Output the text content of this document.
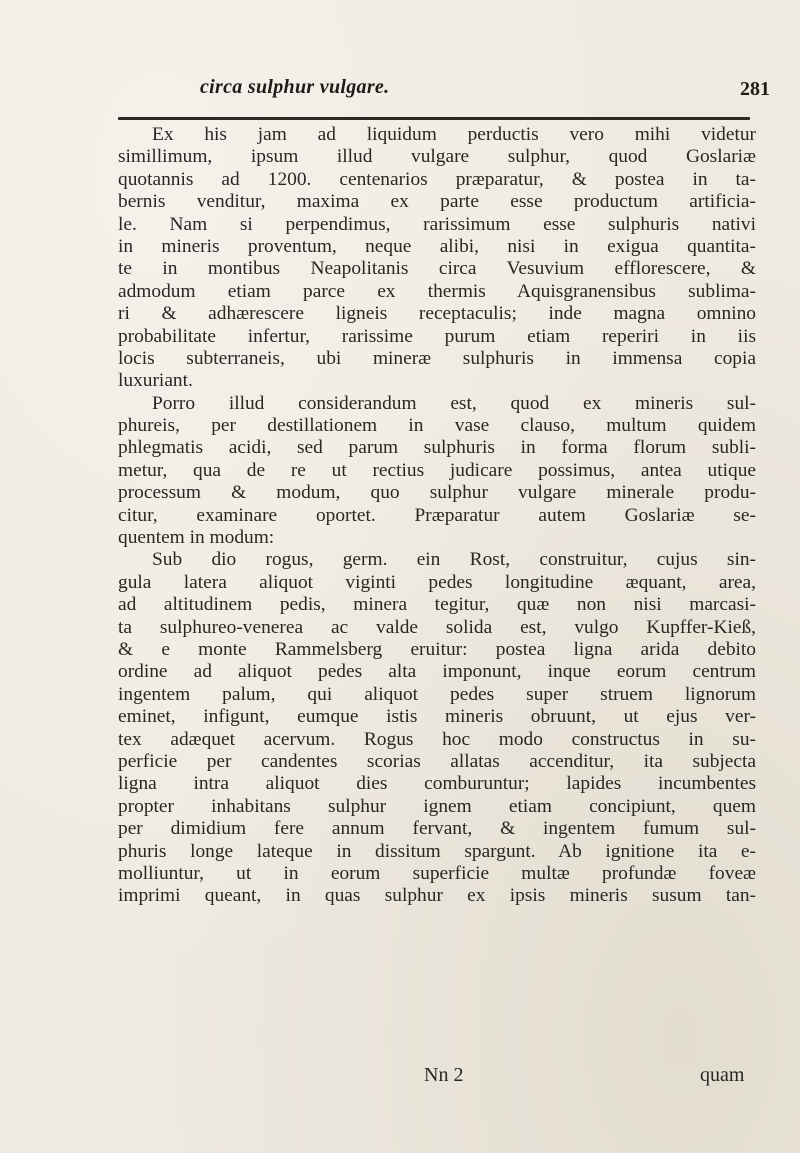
circa sulphur vulgare.	281
Ex his jam ad liquidum perductis vero mihi videtur
simillimum, ipsum illud vulgare sulphur, quod Goslariæ
quotannis ad 1200. centenarios præparatur, & postea in ta-
bernis venditur, maxima ex parte esse productum artificia-
le. Nam si perpendimus, rarissimum esse sulphuris nativi
in mineris proventum, neque alibi, nisi in exigua quantita-
te in montibus Neapolitanis circa Vesuvium efflorescere, &
admodum etiam parce ex thermis Aquisgranensibus sublima-
ri & adhærescere ligneis receptaculis; inde magna omnino
probabilitate infertur, rarissime purum etiam reperiri in iis
locis subterraneis, ubi mineræ sulphuris in immensa copia
luxuriant.
Porro illud considerandum est, quod ex mineris sul-
phureis, per destillationem in vase clauso, multum quidem
phlegmatis acidi, sed parum sulphuris in forma florum subli-
metur, qua de re ut rectius judicare possimus, antea utique
processum & modum, quo sulphur vulgare minerale produ-
citur, examinare oportet. Præparatur autem Goslariæ se-
quentem in modum:
Sub dio rogus, germ. ein Rost, construitur, cujus sin-
gula latera aliquot viginti pedes longitudine æquant, area,
ad altitudinem pedis, minera tegitur, quæ non nisi marcasi-
ta sulphureo-venerea ac valde solida est, vulgo Kupffer-Kieß,
& e monte Rammelsberg eruitur: postea ligna arida debito
ordine ad aliquot pedes alta imponunt, inque eorum centrum
ingentem palum, qui aliquot pedes super struem lignorum
eminet, infigunt, eumque istis mineris obruunt, ut ejus ver-
tex adæquet acervum. Rogus hoc modo constructus in su-
perficie per candentes scorias allatas accenditur, ita subjecta
ligna intra aliquot dies comburuntur; lapides incumbentes
propter inhabitans sulphur ignem etiam concipiunt, quem
per dimidium fere annum fervant, & ingentem fumum sul-
phuris longe lateque in dissitum spargunt. Ab ignitione ita e-
molliuntur, ut in eorum superficie multæ profundæ foveæ
imprimi queant, in quas sulphur ex ipsis mineris susum tan-
Nn 2	quam
